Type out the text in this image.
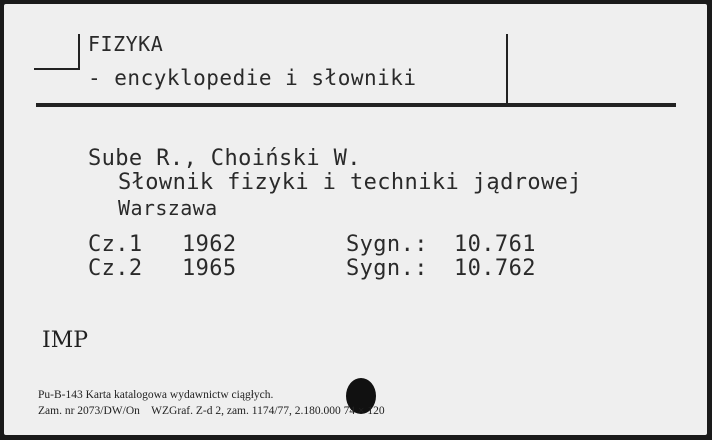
FIZYKA
- encyklopedie i słowniki
Sube R., Choiński W.
Słownik fizyki i techniki jądrowej
Warszawa
Cz.1 1962	Sygn.: 10.761
Cz.2 1965	Sygn.: 10.762
IMP
Pu-B-143 Karta katalogowa wydawnictw ciągłych.
Zam. nr 2073/DW/On    WZGraf. Z-d 2, zam. 1174/77, 2.180.000 74 × 120
